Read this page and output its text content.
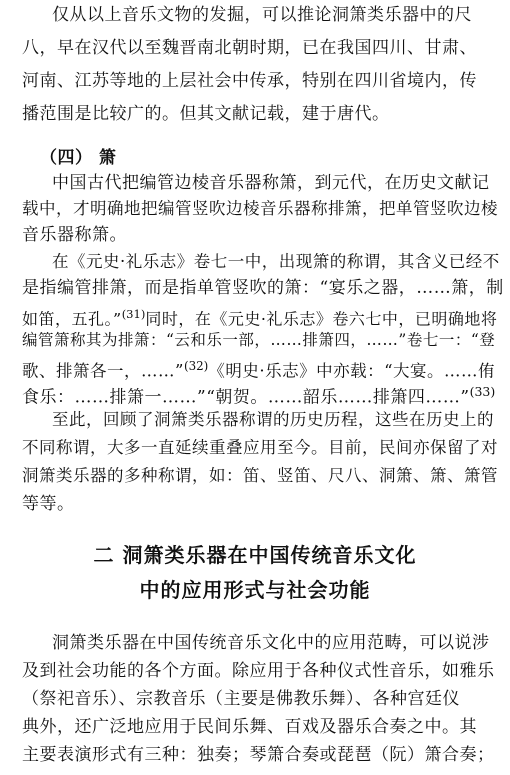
仅从以上音乐文物的发掘，可以推论洞箫类乐器中的尺
八，早在汉代以至魏晋南北朝时期，已在我国四川、甘肃、
河南、江苏等地的上层社会中传承，特别在四川省境内，传
播范围是比较广的。但其文献记载，建于唐代。
（四） 箫
中国古代把编管边棱音乐器称箫，到元代，在历史文献记
载中，才明确地把编管竖吹边棱音乐器称排箫，把单管竖吹边棱
音乐器称箫。
在《元史·礼乐志》卷七一中，出现箫的称谓，其含义已经不
是指编管排箫，而是指单管竖吹的箫：“宴乐之器，……箫，制
如笛，五孔。”$^{(31)}$同时，在《元史·礼乐志》卷六七中，已明确地将
编管箫称其为排箫：“云和乐一部，……排箫四，……”卷七一：“登
歌、排箫各一，……”$^{(32)}$《明史·乐志》中亦载：“大宴。……侑
食乐：……排箫一……”“朝贺。……韶乐……排箫四……”$^{(33)}$
至此，回顾了洞箫类乐器称谓的历史历程，这些在历史上的
不同称谓，大多一直延续重叠应用至今。目前，民间亦保留了对
洞箫类乐器的多种称谓，如：笛、竖笛、尺八、洞箫、箫、箫管
等等。
二 洞箫类乐器在中国传统音乐文化
中的应用形式与社会功能
洞箫类乐器在中国传统音乐文化中的应用范畴，可以说涉
及到社会功能的各个方面。除应用于各种仪式性音乐，如雅乐
（祭祀音乐）、宗教音乐（主要是佛教乐舞）、各种宫廷仪
典外，还广泛地应用于民间乐舞、百戏及器乐合奏之中。其
主要表演形式有三种：独奏；琴箫合奏或琵琶（阮）箫合奏；
